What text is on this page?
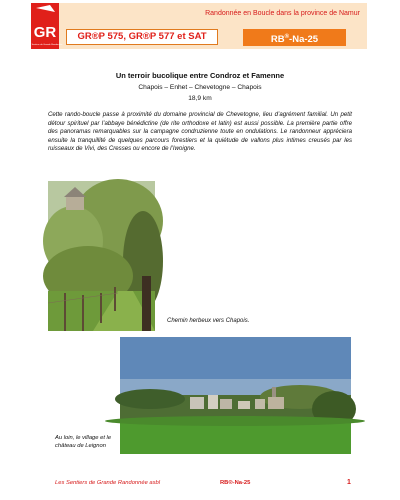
GR
Les Sentiers de Grande Randonnée
Randonnée en Boucle dans la province de Namur
GR®P 575, GR®P 577 et SAT	RB®-Na-25
Un terroir bucolique entre Condroz et Famenne
Chapois – Enhet – Chevetogne – Chapois
18,9 km

Cette rando-boucle passe à proximité du domaine provincial de Chevetogne, lieu d’agrément familial. Un petit détour spirituel par l’abbaye bénédictine (de rite orthodoxe et latin) est aussi possible. La première partie offre des panoramas remarquables sur la campagne condruzienne toute en ondulations. Le randonneur appréciera ensuite la tranquillité de quelques parcours forestiers et la quiétude de vallons plus intimes creusés par les ruisseaux de Vivi, des Cresses ou encore de l’Iwoigne.

Chemin herbeux vers Chapois.
Au loin, le village et le château de Leignon
Les Sentiers de Grande Randonnée asbl	RB®-Na-25	1
